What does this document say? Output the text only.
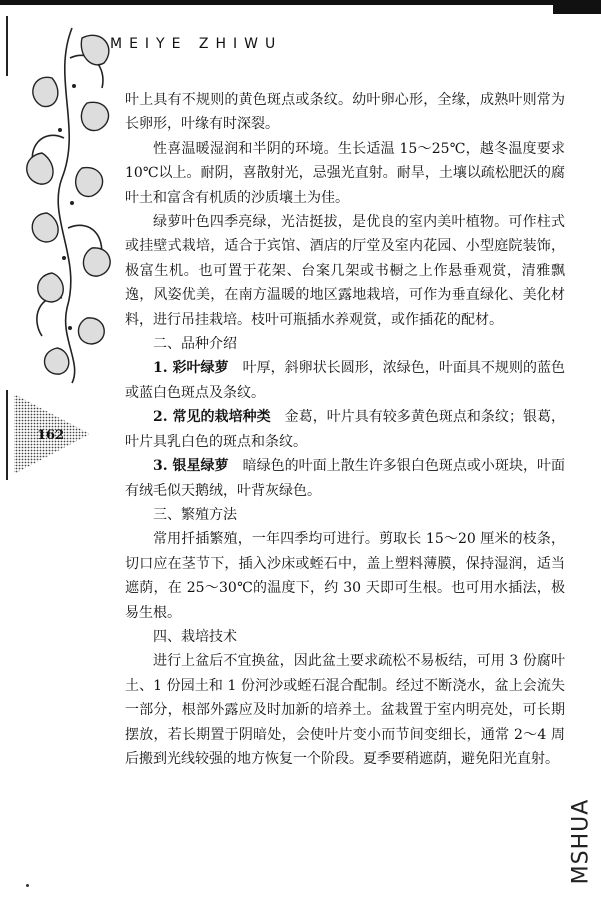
MEIYE ZHIWU
162

叶上具有不规则的黄色斑点或条纹。幼叶卵心形，全缘，成熟叶则常为长卵形，叶缘有时深裂。

性喜温暖湿润和半阴的环境。生长适温 15～25℃，越冬温度要求 10℃以上。耐阴，喜散射光，忌强光直射。耐旱，土壤以疏松肥沃的腐叶土和富含有机质的沙质壤土为佳。

绿萝叶色四季亮绿，光洁挺拔，是优良的室内美叶植物。可作柱式或挂壁式栽培，适合于宾馆、酒店的厅堂及室内花园、小型庭院装饰，极富生机。也可置于花架、台案几架或书橱之上作悬垂观赏，清雅飘逸，风姿优美，在南方温暖的地区露地栽培，可作为垂直绿化、美化材料，进行吊挂栽培。枝叶可瓶插水养观赏，或作插花的配材。

二、品种介绍

1. 彩叶绿萝　叶厚，斜卵状长圆形，浓绿色，叶面具不规则的蓝色或蓝白色斑点及条纹。

2. 常见的栽培种类　金葛，叶片具有较多黄色斑点和条纹；银葛，叶片具乳白色的斑点和条纹。

3. 银星绿萝　暗绿色的叶面上散生许多银白色斑点或小斑块，叶面有绒毛似天鹅绒，叶背灰绿色。

三、繁殖方法

常用扦插繁殖，一年四季均可进行。剪取长 15～20 厘米的枝条，切口应在茎节下，插入沙床或蛭石中，盖上塑料薄膜，保持湿润，适当遮荫，在 25～30℃的温度下，约 30 天即可生根。也可用水插法，极易生根。

四、栽培技术

进行上盆后不宜换盆，因此盆土要求疏松不易板结，可用 3 份腐叶土、1 份园土和 1 份河沙或蛭石混合配制。经过不断浇水，盆上会流失一部分，根部外露应及时加新的培养土。盆栽置于室内明亮处，可长期摆放，若长期置于阴暗处，会使叶片变小而节间变细长，通常 2～4 周后搬到光线较强的地方恢复一个阶段。夏季要稍遮荫，避免阳光直射。

MSHUA
